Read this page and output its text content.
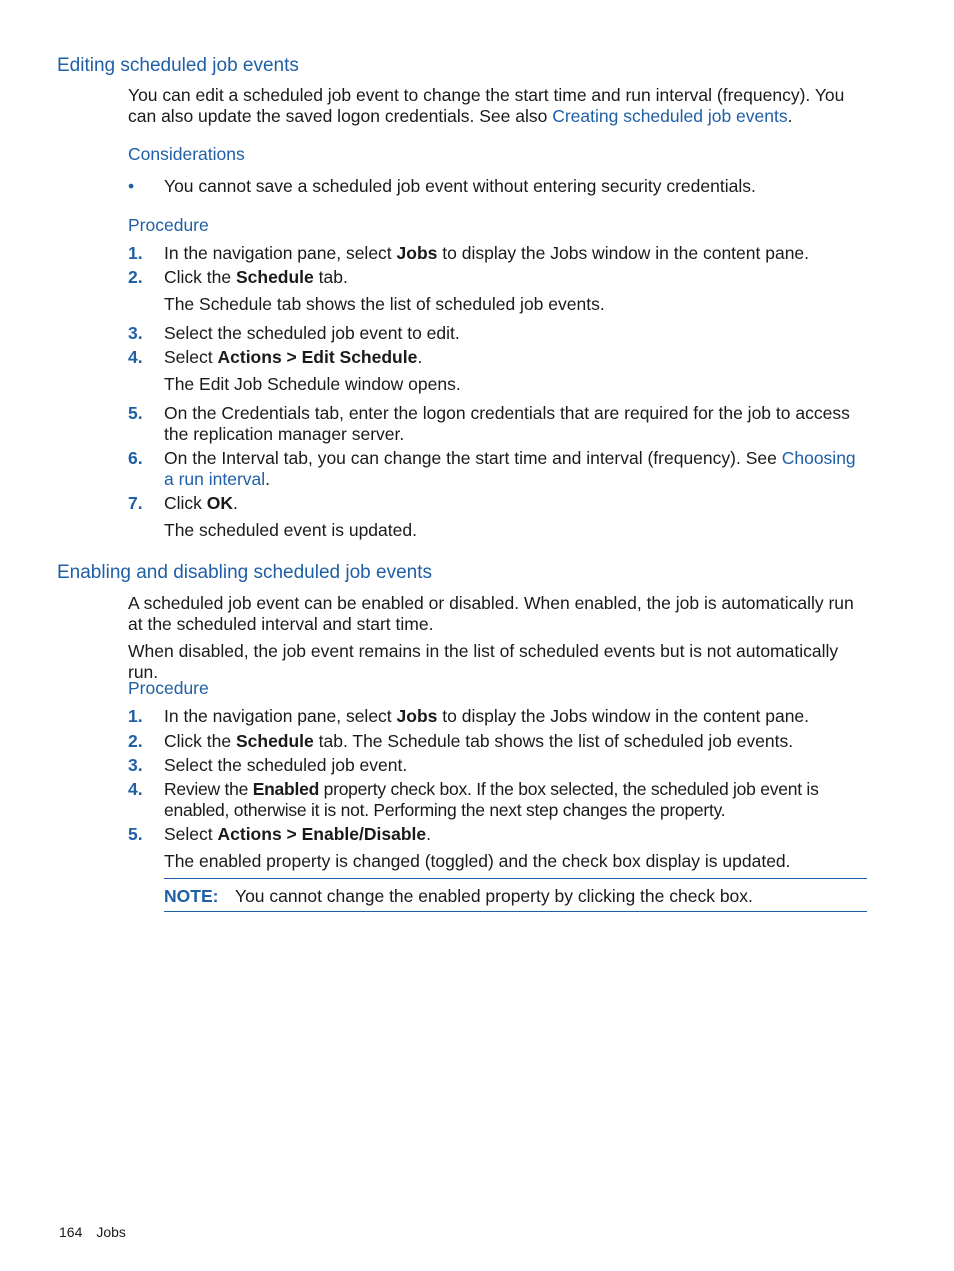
Editing scheduled job events

You can edit a scheduled job event to change the start time and run interval (frequency). You can also update the saved logon credentials. See also Creating scheduled job events.

Considerations
• You cannot save a scheduled job event without entering security credentials.
Procedure
1.	In the navigation pane, select Jobs to display the Jobs window in the content pane.
2.	Click the Schedule tab.

The Schedule tab shows the list of scheduled job events.

3.	Select the scheduled job event to edit.
4.	Select Actions > Edit Schedule.

The Edit Job Schedule window opens.

5.	On the Credentials tab, enter the logon credentials that are required for the job to access the replication manager server.
6.	On the Interval tab, you can change the start time and interval (frequency). See Choosing a run interval.
7.	Click OK.

The scheduled event is updated.

Enabling and disabling scheduled job events

A scheduled job event can be enabled or disabled. When enabled, the job is automatically run at the scheduled interval and start time.

When disabled, the job event remains in the list of scheduled events but is not automatically run.

Procedure
1.	In the navigation pane, select Jobs to display the Jobs window in the content pane.
2.	Click the Schedule tab. The Schedule tab shows the list of scheduled job events.
3.	Select the scheduled job event.
4.	Review the Enabled property check box. If the box selected, the scheduled job event is enabled, otherwise it is not. Performing the next step changes the property.
5.	Select Actions > Enable/Disable.

The enabled property is changed (toggled) and the check box display is updated.

NOTE: You cannot change the enabled property by clicking the check box.
164 Jobs
